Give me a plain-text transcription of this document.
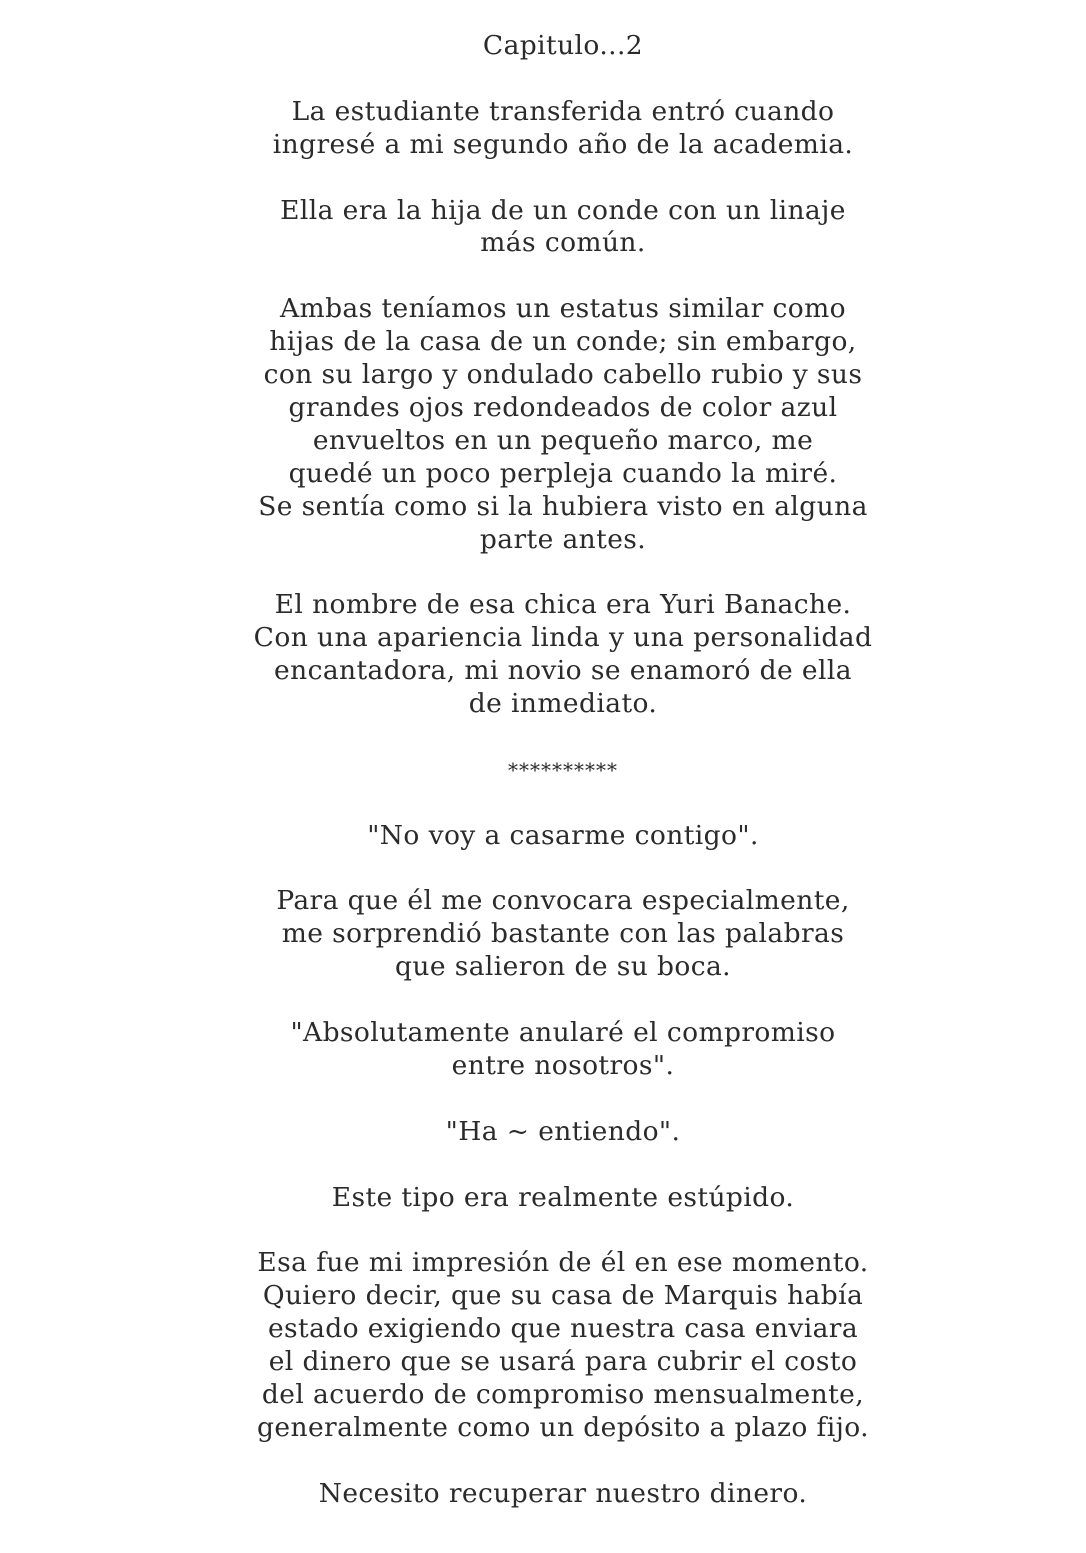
Capitulo...2

La estudiante transferida entró cuando
ingresé a mi segundo año de la academia.

Ella era la hija de un conde con un linaje
más común.

Ambas teníamos un estatus similar como
hijas de la casa de un conde; sin embargo,
con su largo y ondulado cabello rubio y sus
grandes ojos redondeados de color azul
envueltos en un pequeño marco, me
quedé un poco perpleja cuando la miré.
Se sentía como si la hubiera visto en alguna
parte antes.

El nombre de esa chica era Yuri Banache.
Con una apariencia linda y una personalidad
encantadora, mi novio se enamoró de ella
de inmediato.

**********

"No voy a casarme contigo".

Para que él me convocara especialmente,
me sorprendió bastante con las palabras
que salieron de su boca.

"Absolutamente anularé el compromiso
entre nosotros".

"Ha ~ entiendo".

Este tipo era realmente estúpido.

Esa fue mi impresión de él en ese momento.
Quiero decir, que su casa de Marquis había
estado exigiendo que nuestra casa enviara
el dinero que se usará para cubrir el costo
del acuerdo de compromiso mensualmente,
generalmente como un depósito a plazo fijo.

Necesito recuperar nuestro dinero.
